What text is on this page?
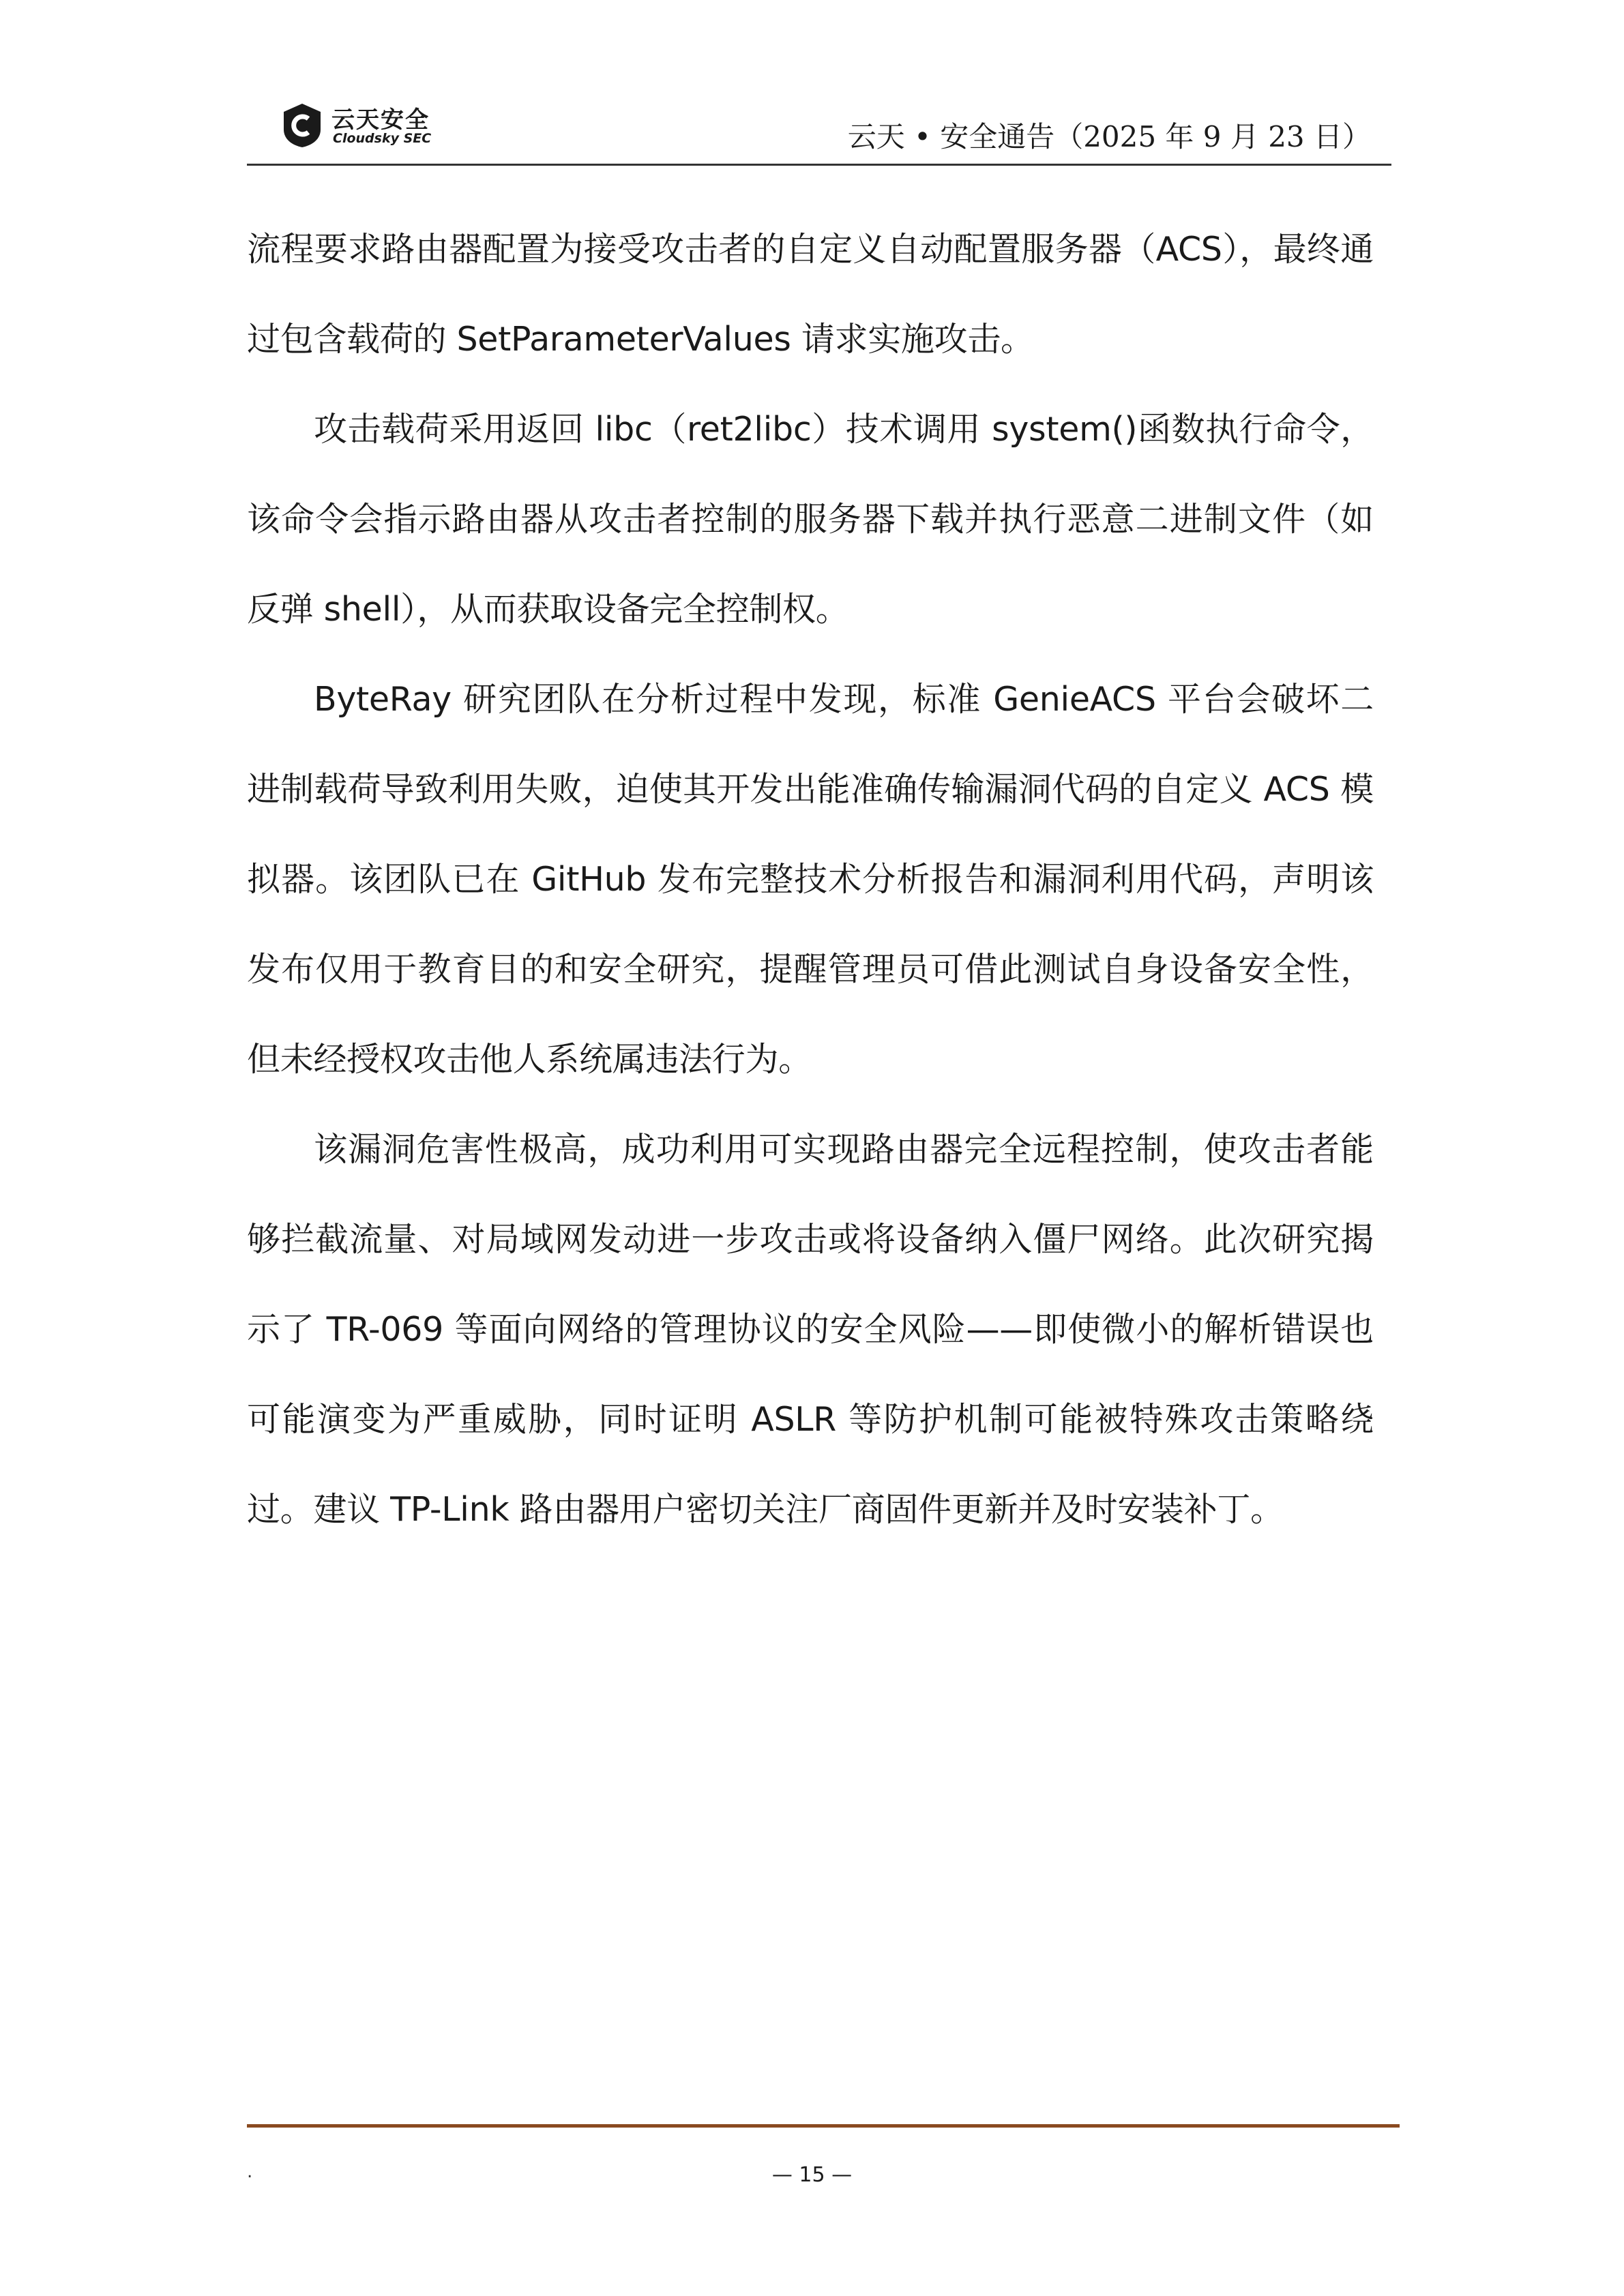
云天安全
Cloudsky SEC	云天 • 安全通告（2025 年 9 月 23 日）

流程要求路由器配置为接受攻击者的自定义自动配置服务器（ACS），最终通过包含载荷的 SetParameterValues 请求实施攻击。

攻击载荷采用返回 libc（ret2libc）技术调用 system()函数执行命令，该命令会指示路由器从攻击者控制的服务器下载并执行恶意二进制文件（如反弹 shell），从而获取设备完全控制权。

ByteRay 研究团队在分析过程中发现，标准 GenieACS 平台会破坏二进制载荷导致利用失败，迫使其开发出能准确传输漏洞代码的自定义 ACS 模拟器。该团队已在 GitHub 发布完整技术分析报告和漏洞利用代码，声明该发布仅用于教育目的和安全研究，提醒管理员可借此测试自身设备安全性，但未经授权攻击他人系统属违法行为。

该漏洞危害性极高，成功利用可实现路由器完全远程控制，使攻击者能够拦截流量、对局域网发动进一步攻击或将设备纳入僵尸网络。此次研究揭示了 TR-069 等面向网络的管理协议的安全风险——即使微小的解析错误也可能演变为严重威胁，同时证明 ASLR 等防护机制可能被特殊攻击策略绕过。建议 TP-Link 路由器用户密切关注厂商固件更新并及时安装补丁。

.	— 15 —
